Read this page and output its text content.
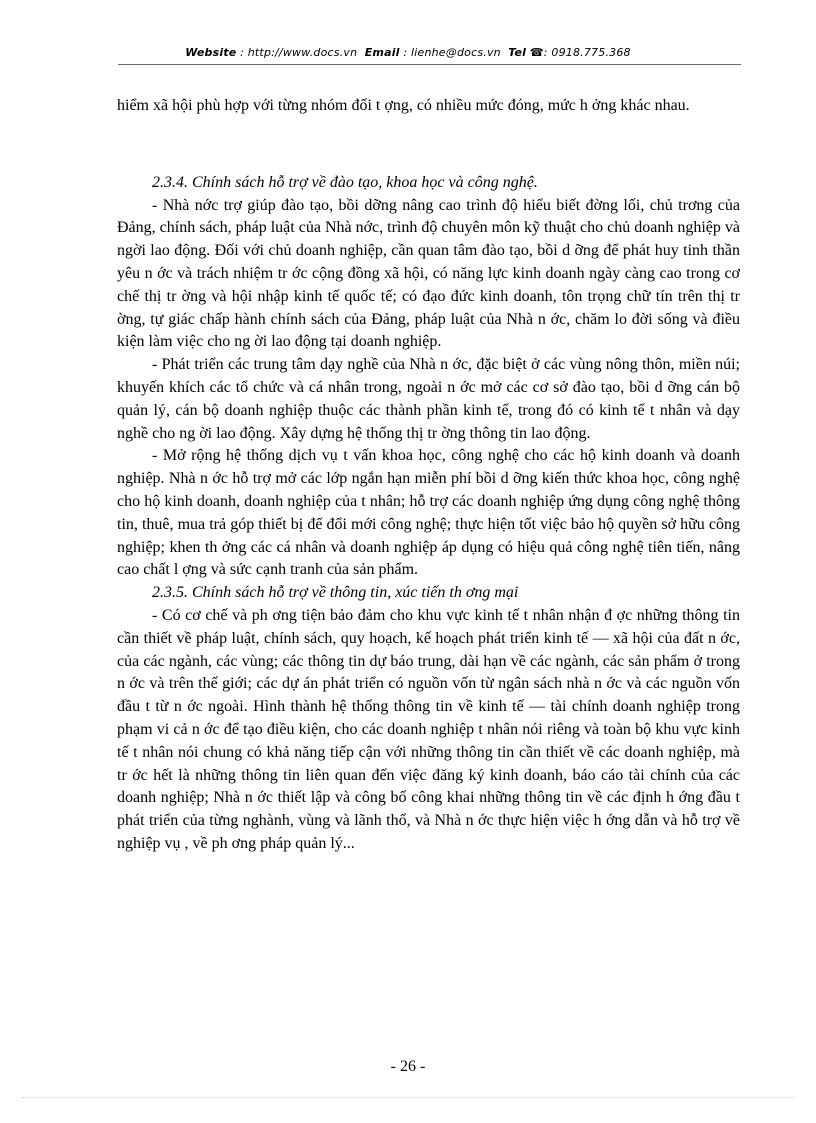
Website : http://www.docs.vn Email : lienhe@docs.vn Tel ☎: 0918.775.368

hiểm xã hội phù hợp với từng nhóm đối t ợng, có nhiều mức đóng, mức h ởng khác nhau.

2.3.4. Chính sách hỗ trợ về đào tạo, khoa học và công nghệ.

- Nhà nớc trợ giúp đào tạo, bồi dỡng nâng cao trình độ hiểu biết đờng lối, chủ trơng của Đảng, chính sách, pháp luật của Nhà nớc, trình độ chuyên môn kỹ thuật cho chủ doanh nghiệp và ngời lao động. Đối với chủ doanh nghiệp, cần quan tâm đào tạo, bồi d ỡng để phát huy tinh thần yêu n ớc và trách nhiệm tr ớc cộng đồng xã hội, có năng lực kinh doanh ngày càng cao trong cơ chế thị tr ờng và hội nhập kinh tế quốc tế; có đạo đức kinh doanh, tôn trọng chữ tín trên thị tr ờng, tự giác chấp hành chính sách của Đảng, pháp luật của Nhà n ớc, chăm lo đời sống và điều kiện làm việc cho ng ời lao động tại doanh nghiệp.

- Phát triển các trung tâm dạy nghề của Nhà n ớc, đặc biệt ở các vùng nông thôn, miền núi; khuyến khích các tổ chức và cá nhân trong, ngoài n ớc mở các cơ sở đào tạo, bồi d ỡng cán bộ quản lý, cán bộ doanh nghiệp thuộc các thành phần kinh tế, trong đó có kinh tế t nhân và dạy nghề cho ng ời lao động. Xây dựng hệ thống thị tr ờng thông tin lao động.

- Mở rộng hệ thống dịch vụ t vấn khoa học, công nghệ cho các hộ kinh doanh và doanh nghiệp. Nhà n ớc hỗ trợ mở các lớp ngắn hạn miễn phí bồi d ỡng kiến thức khoa học, công nghệ cho hộ kinh doanh, doanh nghiệp của t nhân; hỗ trợ các doanh nghiệp ứng dụng công nghệ thông tin, thuê, mua trả góp thiết bị để đổi mới công nghệ; thực hiện tốt việc bảo hộ quyền sở hữu công nghiệp; khen th ởng các cá nhân và doanh nghiệp áp dụng có hiệu quả công nghệ tiên tiến, nâng cao chất l ợng và sức cạnh tranh của sản phẩm.

2.3.5. Chính sách hỗ trợ về thông tin, xúc tiến th ơng mại

- Có cơ chế và ph ơng tiện bảo đảm cho khu vực kinh tế t nhân nhận đ ợc những thông tin cần thiết về pháp luật, chính sách, quy hoạch, kế hoạch phát triển kinh tế — xã hội của đất n ớc, của các ngành, các vùng; các thông tin dự báo trung, dài hạn về các ngành, các sản phẩm ở trong n ớc và trên thế giới; các dự án phát triển có nguồn vốn từ ngân sách nhà n ớc và các nguồn vốn đầu t từ n ớc ngoài. Hình thành hệ thống thông tin về kinh tế — tài chính doanh nghiệp trong phạm vi cả n ớc để tạo điều kiện, cho các doanh nghiệp t nhân nói riêng và toàn bộ khu vực kinh tế t nhân nói chung có khả năng tiếp cận với những thông tin cần thiết về các doanh nghiệp, mà tr ớc hết là những thông tin liên quan đến việc đăng ký kinh doanh, báo cáo tài chính của các doanh nghiệp; Nhà n ớc thiết lập và công bố công khai những thông tin về các định h ớng đầu t phát triển của từng nghành, vùng và lãnh thổ, và Nhà n ớc thực hiện việc h ớng dẫn và hỗ trợ về nghiệp vụ , về ph ơng pháp quản lý...

- 26 -
